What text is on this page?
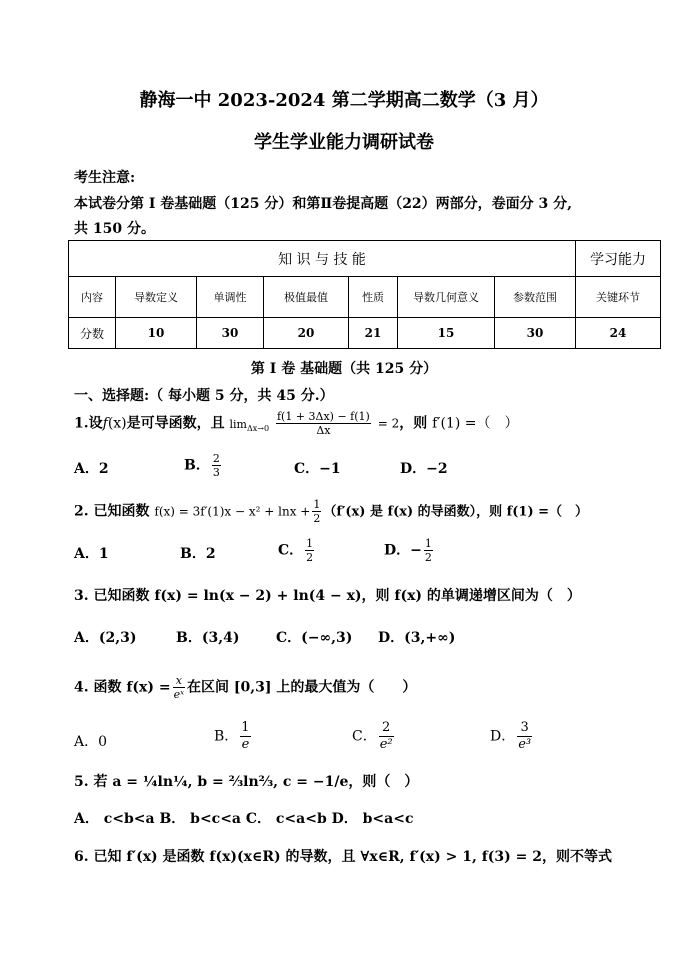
静海一中 2023-2024 第二学期高二数学（3 月）
学生学业能力调研试卷
考生注意:
本试卷分第 I 卷基础题（125 分）和第Ⅱ卷提高题（22）两部分，卷面分 3 分,
共 150 分。
知 识 与 技 能							学习能力
内容	导数定义	单调性	极值最值	性质	导数几何意义	参数范围	关键环节
分数	10	30	20	21	15	30	24
第 I 卷 基础题（共 125 分）
一、选择题:（ 每小题 5 分，共 45 分.）
1.设f(x)是可导函数，且 $\lim_{\Delta x\to 0} \frac{f(1 + 3\Delta x) - f(1)}{\Delta x} = 2$，则 f′(1) =（　）
A．2	B． $\frac{2}{3}$	C．−1	D．−2
2. 已知函数 $f(x) = 3f'(1)x - x^2 + \ln x + \frac{1}{2} (f'(x)$ 是 f(x) 的导函数），则 f(1) =（　）
A．1	B．2	C． $\frac{1}{2}$	D．− $\frac{1}{2}$
3. 已知函数 f(x) = ln(x − 2) + ln(4 − x)，则 f(x) 的单调递增区间为（　）
A．(2,3)	B．(3,4)	C．(−∞,3) D．(3,+∞)
4. 函数 $f(x) = \frac{x}{\text{eˣ}}$ 在区间 [0,3] 上的最大值为（　　）
A．0	B． $\frac{1}{e}$	C． $\frac{2}{\text{e²}}$	D． $\frac{3}{\text{e³}}$
5. 若 a = ¼ln¼, b = ⅔ln⅔, c = −1/e，则（　）
A． c<b<a B． b<c<a C． c<a<b D． b<a<c
6. 已知 f′(x) 是函数 f(x)(x∈R) 的导数，且 ∀x∈R, f′(x) > 1, f(3) = 2，则不等式
